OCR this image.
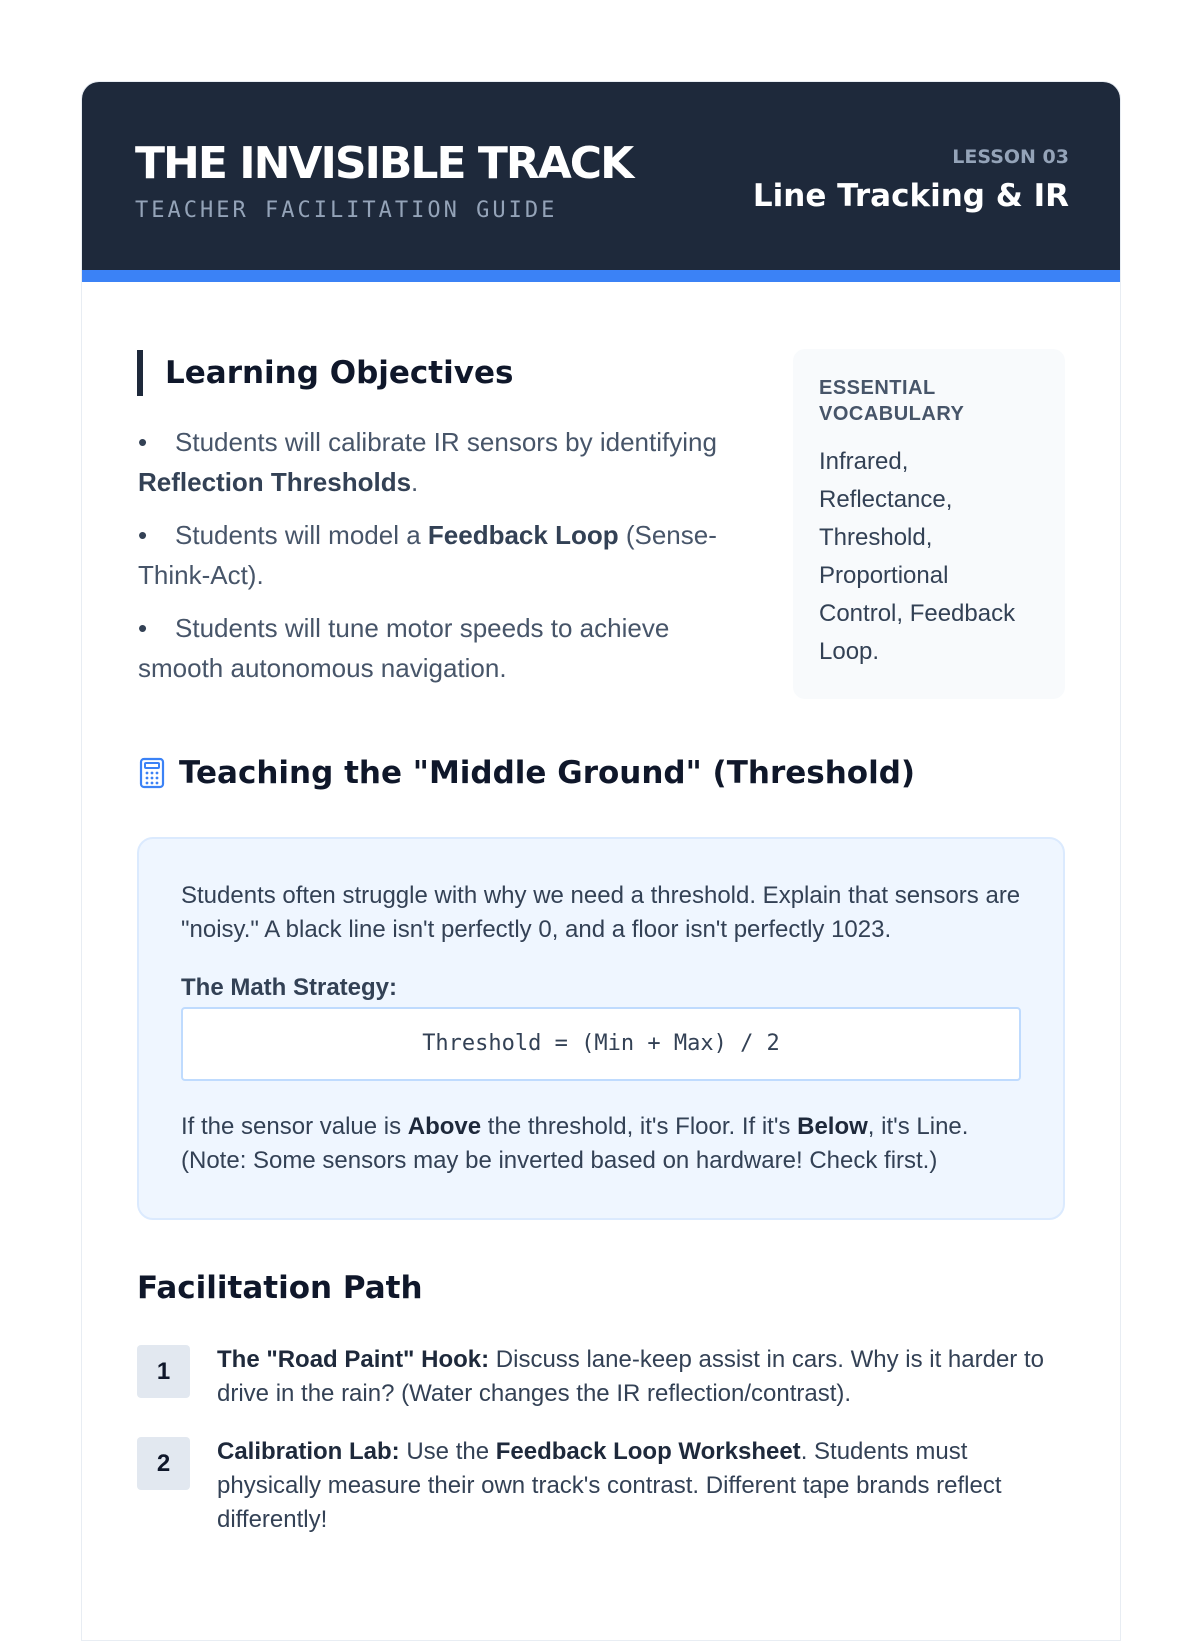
THE INVISIBLE TRACK
TEACHER FACILITATION GUIDE
LESSON 03
Line Tracking & IR
Learning Objectives
• Students will calibrate IR sensors by identifying Reflection Thresholds.
• Students will model a Feedback Loop (Sense-Think-Act).
• Students will tune motor speeds to achieve smooth autonomous navigation.
ESSENTIAL VOCABULARY
Infrared, Reflectance, Threshold, Proportional Control, Feedback Loop.
Teaching the "Middle Ground" (Threshold)

Students often struggle with why we need a threshold. Explain that sensors are "noisy." A black line isn't perfectly 0, and a floor isn't perfectly 1023.

The Math Strategy:
Threshold = (Min + Max) / 2

If the sensor value is Above the threshold, it's Floor. If it's Below, it's Line. (Note: Some sensors may be inverted based on hardware! Check first.)

Facilitation Path
1	The "Road Paint" Hook: Discuss lane-keep assist in cars. Why is it harder to drive in the rain? (Water changes the IR reflection/contrast).

2	Calibration Lab: Use the Feedback Loop Worksheet. Students must physically measure their own track's contrast. Different tape brands reflect differently!
